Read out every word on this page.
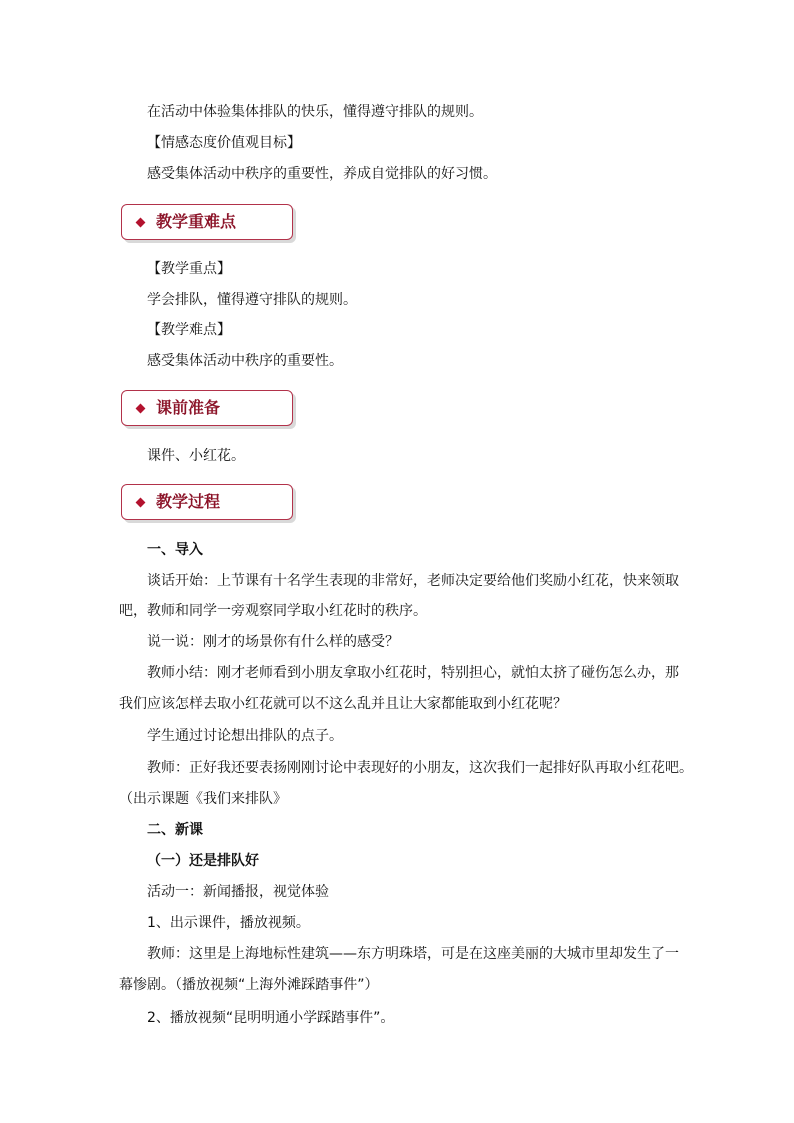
在活动中体验集体排队的快乐，懂得遵守排队的规则。
【情感态度价值观目标】
感受集体活动中秩序的重要性，养成自觉排队的好习惯。
教学重难点
【教学重点】
学会排队，懂得遵守排队的规则。
【教学难点】
感受集体活动中秩序的重要性。
课前准备
课件、小红花。
教学过程
一、导入
谈话开始：上节课有十名学生表现的非常好，老师决定要给他们奖励小红花，快来领取
吧，教师和同学一旁观察同学取小红花时的秩序。
说一说：刚才的场景你有什么样的感受？
教师小结：刚才老师看到小朋友拿取小红花时，特别担心，就怕太挤了碰伤怎么办，那
我们应该怎样去取小红花就可以不这么乱并且让大家都能取到小红花呢？
学生通过讨论想出排队的点子。
教师：正好我还要表扬刚刚讨论中表现好的小朋友，这次我们一起排好队再取小红花吧。
（出示课题《我们来排队》
二、新课
（一）还是排队好
活动一：新闻播报，视觉体验
1、出示课件，播放视频。
教师：这里是上海地标性建筑——东方明珠塔，可是在这座美丽的大城市里却发生了一
幕惨剧。（播放视频“上海外滩踩踏事件”）
2、播放视频“昆明明通小学踩踏事件”。
